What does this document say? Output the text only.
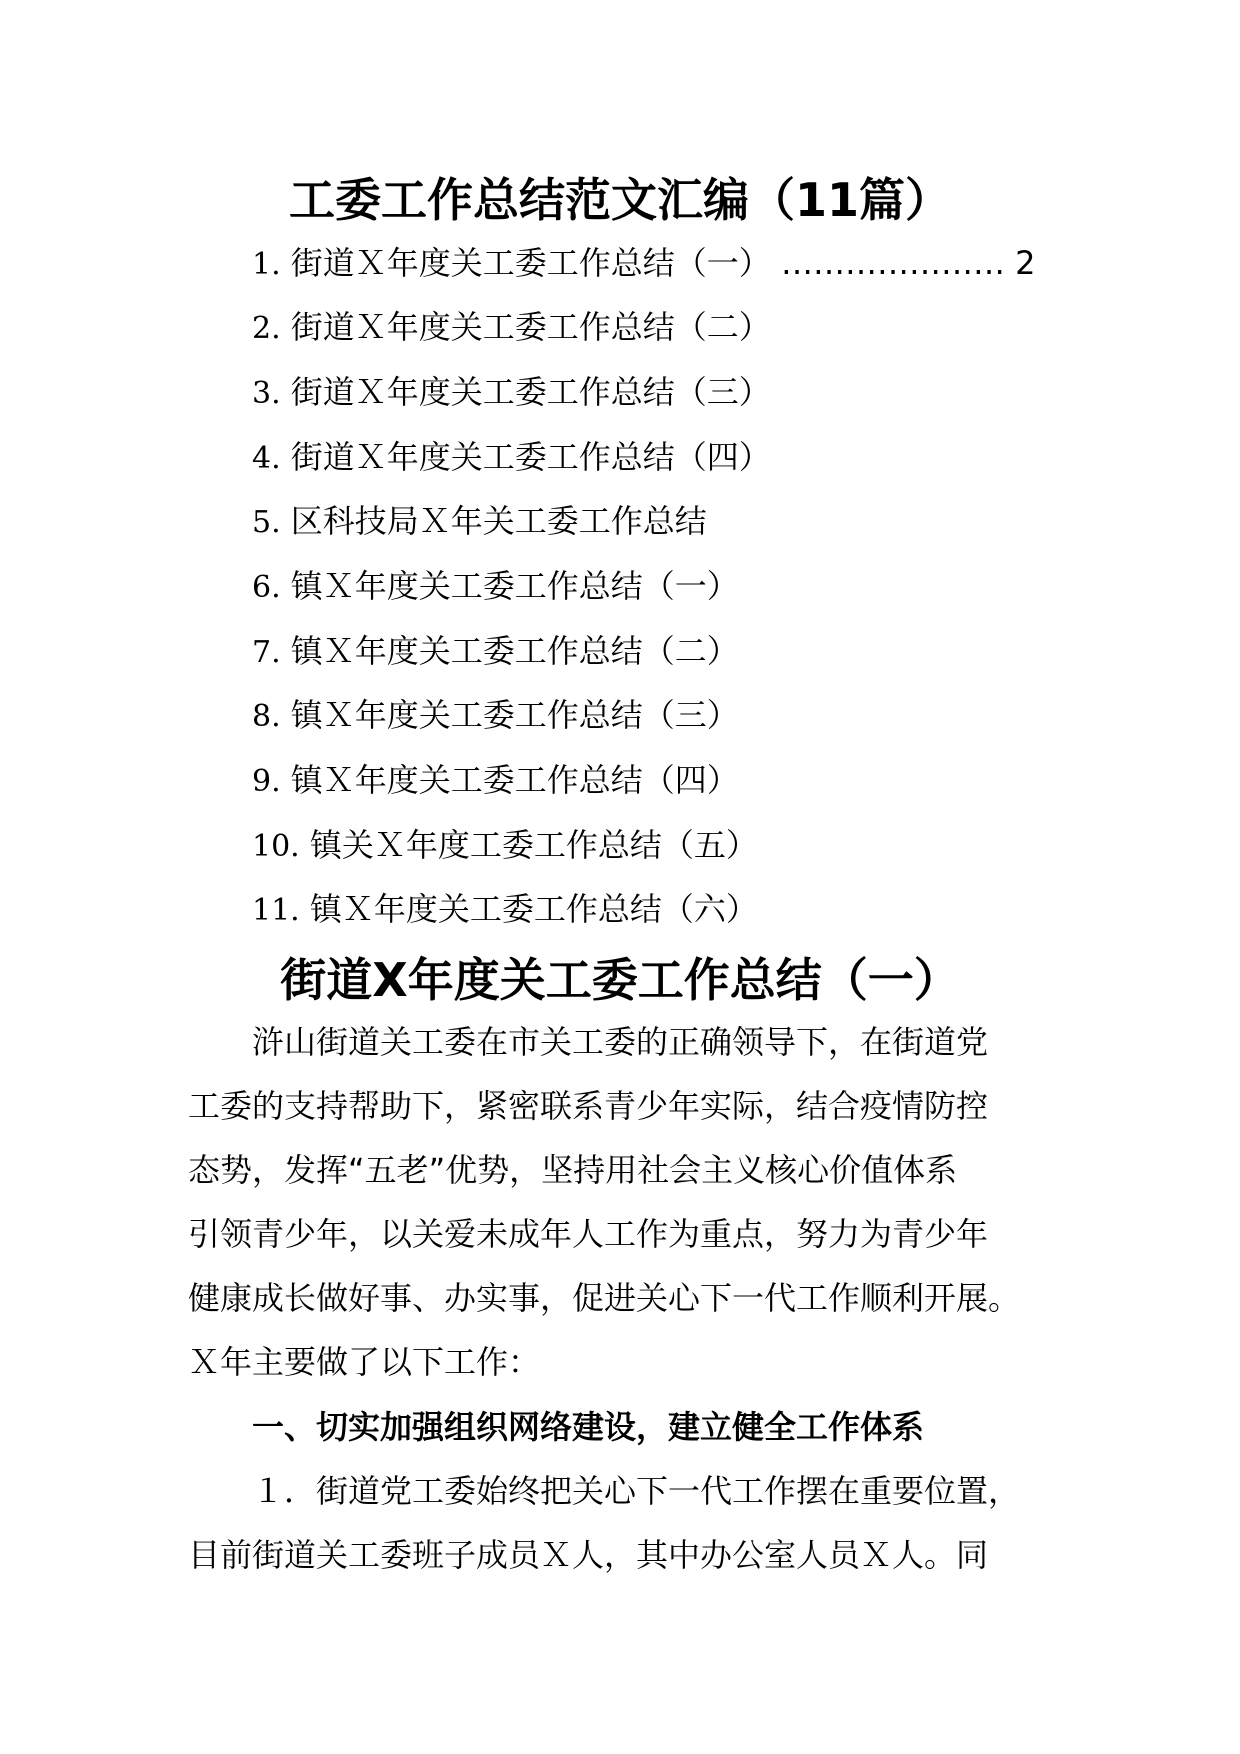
工委工作总结范文汇编（11篇）
1. 街道Ｘ年度关工委工作总结（一） ………………… 2
2. 街道Ｘ年度关工委工作总结（二）
3. 街道Ｘ年度关工委工作总结（三）
4. 街道Ｘ年度关工委工作总结（四）
5. 区科技局Ｘ年关工委工作总结
6. 镇Ｘ年度关工委工作总结（一）
7. 镇Ｘ年度关工委工作总结（二）
8. 镇Ｘ年度关工委工作总结（三）
9. 镇Ｘ年度关工委工作总结（四）
10. 镇关Ｘ年度工委工作总结（五）
11. 镇Ｘ年度关工委工作总结（六）
街道X年度关工委工作总结（一）
浒山街道关工委在市关工委的正确领导下，在街道党
工委的支持帮助下，紧密联系青少年实际，结合疫情防控
态势，发挥“五老”优势，坚持用社会主义核心价值体系
引领青少年，以关爱未成年人工作为重点，努力为青少年
健康成长做好事、办实事，促进关心下一代工作顺利开展。
Ｘ年主要做了以下工作：
一、切实加强组织网络建设，建立健全工作体系
１．街道党工委始终把关心下一代工作摆在重要位置，
目前街道关工委班子成员Ｘ人，其中办公室人员Ｘ人。同
